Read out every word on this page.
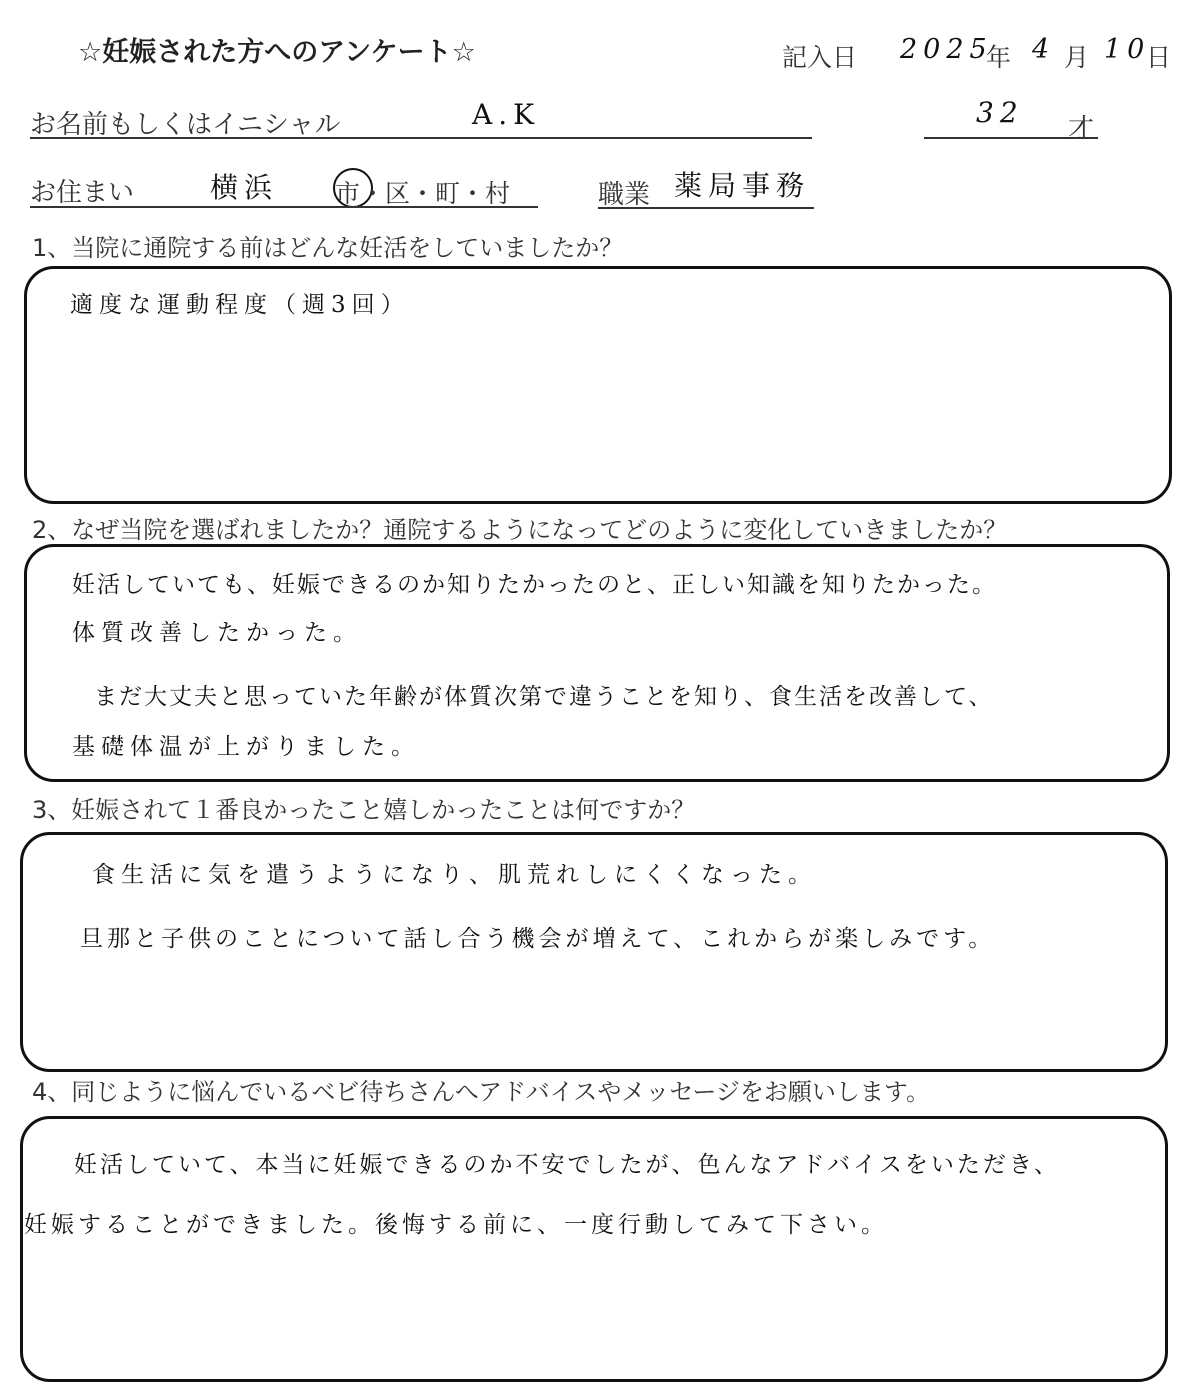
☆妊娠された方へのアンケート☆	記入日 2025
年 4 月 10
日
お名前もしくはイニシャル	A.K	32 才
お住まい	横浜 市・区・町・村	職業 薬局事務
1、当院に通院する前はどんな妊活をしていましたか？
適度な運動程度（週3回）
2、なぜ当院を選ばれましたか？通院するようになってどのように変化していきましたか？
妊活していても、妊娠できるのか知りたかったのと、正しい知識を知りたかった。
体質改善したかった。
まだ大丈夫と思っていた年齢が体質次第で違うことを知り、食生活を改善して、
基礎体温が上がりました。
3、妊娠されて１番良かったこと嬉しかったことは何ですか？
食生活に気を遣うようになり、肌荒れしにくくなった。
旦那と子供のことについて話し合う機会が増えて、これからが楽しみです。
4、同じように悩んでいるベビ待ちさんへアドバイスやメッセージをお願いします。
妊活していて、本当に妊娠できるのか不安でしたが、色んなアドバイスをいただき、
妊娠することができました。後悔する前に、一度行動してみて下さい。
